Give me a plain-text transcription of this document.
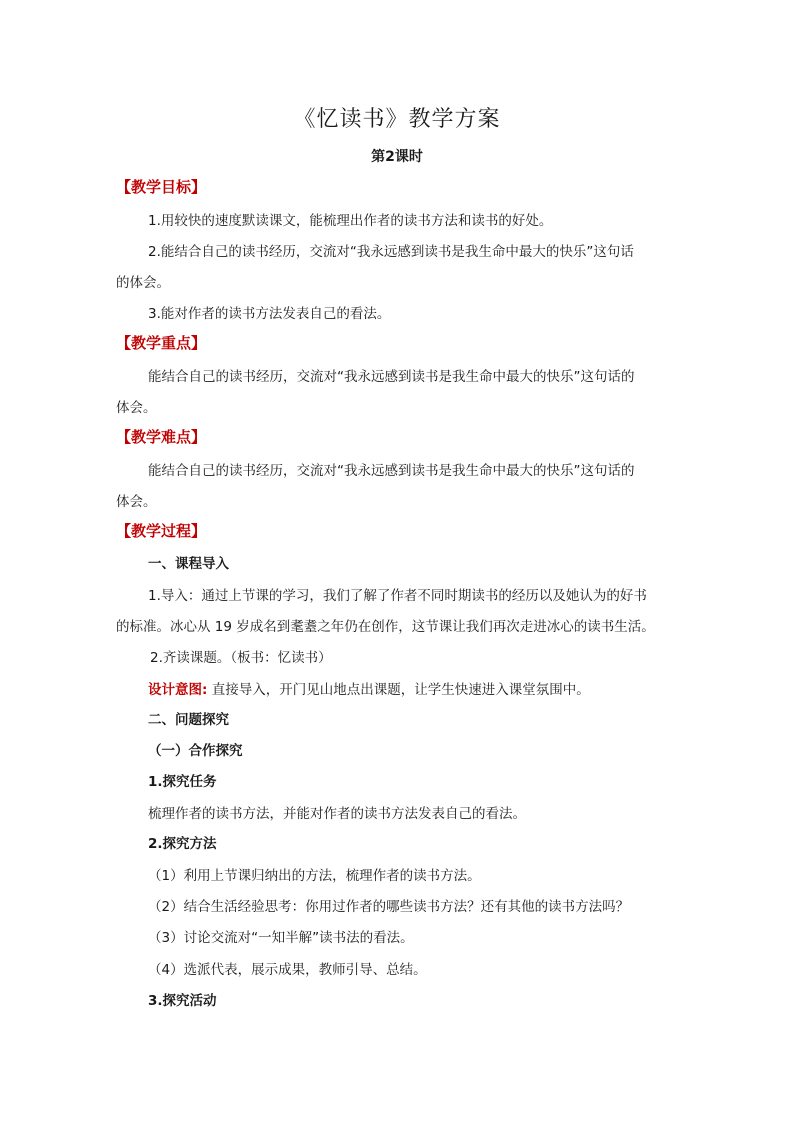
《忆读书》教学方案
第2课时
【教学目标】
1.用较快的速度默读课文，能梳理出作者的读书方法和读书的好处。
2.能结合自己的读书经历，交流对“我永远感到读书是我生命中最大的快乐”这句话
的体会。
3.能对作者的读书方法发表自己的看法。
【教学重点】
能结合自己的读书经历，交流对“我永远感到读书是我生命中最大的快乐”这句话的
体会。
【教学难点】
能结合自己的读书经历，交流对“我永远感到读书是我生命中最大的快乐”这句话的
体会。
【教学过程】
一、课程导入
1.导入：通过上节课的学习，我们了解了作者不同时期读书的经历以及她认为的好书
的标准。冰心从 19 岁成名到耄耋之年仍在创作，这节课让我们再次走进冰心的读书生活。
2.齐读课题。（板书：忆读书）
设计意图: 直接导入，开门见山地点出课题，让学生快速进入课堂氛围中。
二、问题探究
（一）合作探究
1.探究任务
梳理作者的读书方法，并能对作者的读书方法发表自己的看法。
2.探究方法
（1）利用上节课归纳出的方法，梳理作者的读书方法。
（2）结合生活经验思考：你用过作者的哪些读书方法？还有其他的读书方法吗？
（3）讨论交流对“一知半解”读书法的看法。
（4）选派代表，展示成果，教师引导、总结。
3.探究活动
